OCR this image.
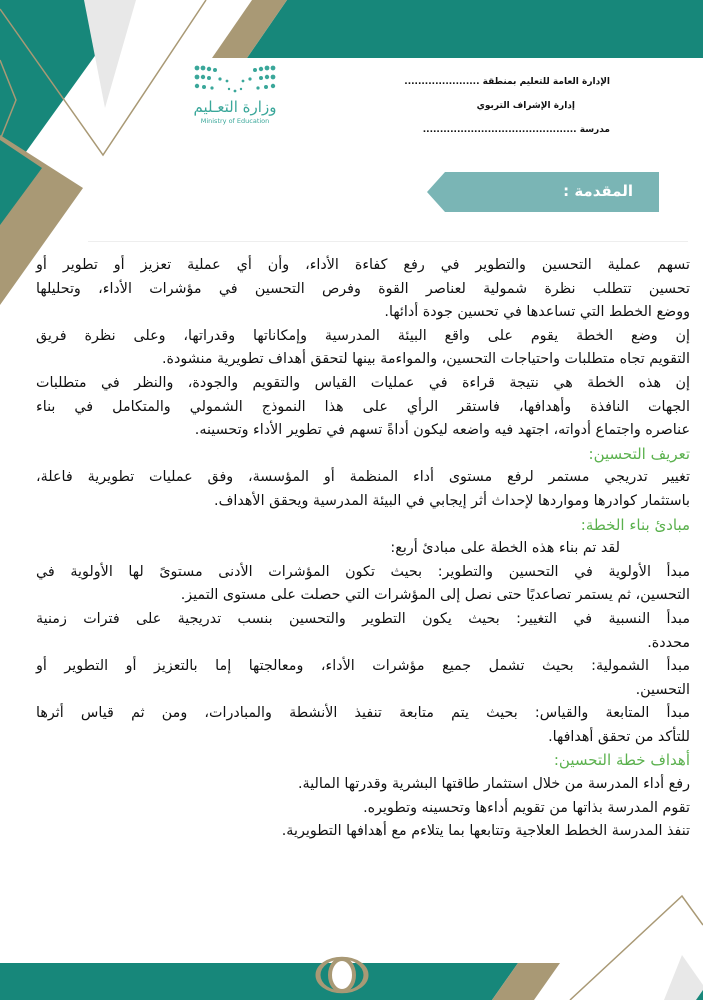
الإدارة العامة للتعليم بمنطقة ......................
إدارة الإشراف التربوي
مدرسة .............................................
وزارة التعـليم
Ministry of Education
المقدمة :
تسهم عملية التحسين والتطوير في رفع كفاءة الأداء، وأن أي عملية تعزيز أو تطوير أو
تحسين تتطلب نظرة شمولية لعناصر القوة وفرص التحسين في مؤشرات الأداء، وتحليلها
ووضع الخطط التي تساعدها في تحسين جودة أدائها.
إن وضع الخطة يقوم على واقع البيئة المدرسية وإمكاناتها وقدراتها، وعلى نظرة فريق
التقويم تجاه متطلبات واحتياجات التحسين، والمواءمة بينها لتحقق أهداف تطويرية منشودة.
إن هذه الخطة هي نتيجة قراءة في عمليات القياس والتقويم والجودة، والنظر في متطلبات
الجهات النافذة وأهدافها، فاستقر الرأي على هذا النموذج الشمولي والمتكامل في بناء
عناصره واجتماع أدواته، اجتهد فيه واضعه ليكون أداةً تسهم في تطوير الأداء وتحسينه.
تعريف التحسين:
تغيير تدريجي مستمر لرفع مستوى أداء المنظمة أو المؤسسة، وفق عمليات تطويرية فاعلة،
باستثمار كوادرها ومواردها لإحداث أثر إيجابي في البيئة المدرسية ويحقق الأهداف.
مبادئ بناء الخطة:
لقد تم بناء هذه الخطة على مبادئ أربع:
مبدأ الأولوية في التحسين والتطوير: بحيث تكون المؤشرات الأدنى مستوىً لها الأولوية في
التحسين، ثم يستمر تصاعديًا حتى نصل إلى المؤشرات التي حصلت على مستوى التميز.
مبدأ النسبية في التغيير: بحيث يكون التطوير والتحسين بنسب تدريجية على فترات زمنية
محددة.
مبدأ الشمولية: بحيث تشمل جميع مؤشرات الأداء، ومعالجتها إما بالتعزيز أو التطوير أو
التحسين.
مبدأ المتابعة والقياس: بحيث يتم متابعة تنفيذ الأنشطة والمبادرات، ومن ثم قياس أثرها
للتأكد من تحقق أهدافها.
أهداف خطة التحسين:
رفع أداء المدرسة من خلال استثمار طاقتها البشرية وقدرتها المالية.
تقوم المدرسة بذاتها من تقويم أداءها وتحسينه وتطويره.
تنفذ المدرسة الخطط العلاجية وتتابعها بما يتلاءم مع أهدافها التطويرية.
